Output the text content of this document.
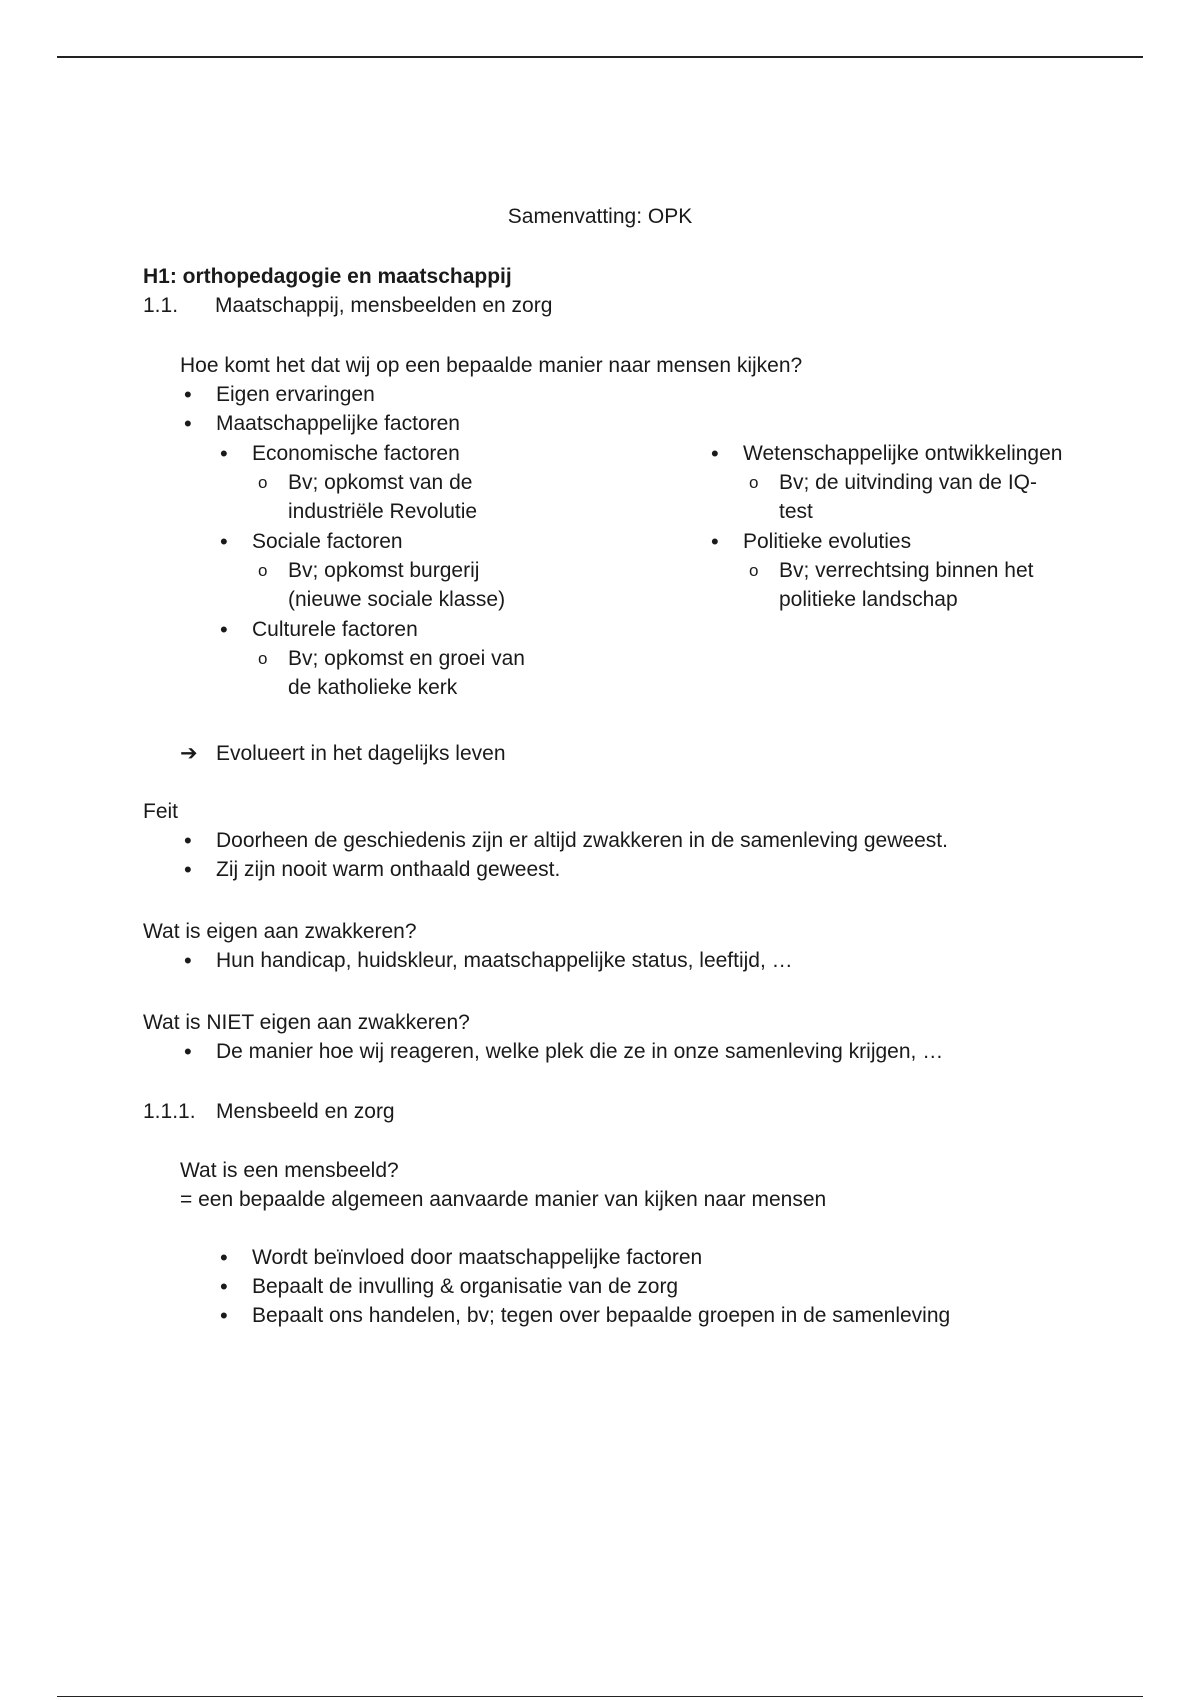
Samenvatting: OPK
H1: orthopedagogie en maatschappij
1.1. Maatschappij, mensbeelden en zorg
Hoe komt het dat wij op een bepaalde manier naar mensen kijken?
• Eigen ervaringen
• Maatschappelijke factoren
• Economische factoren
o Bv; opkomst van de industriële Revolutie
• Sociale factoren
o Bv; opkomst burgerij (nieuwe sociale klasse)
• Culturele factoren
o Bv; opkomst en groei van de katholieke kerk
• Wetenschappelijke ontwikkelingen
o Bv; de uitvinding van de IQ-test
• Politieke evoluties
o Bv; verrechtsing binnen het politieke landschap
➔ Evolueert in het dagelijks leven
Feit
• Doorheen de geschiedenis zijn er altijd zwakkeren in de samenleving geweest.
• Zij zijn nooit warm onthaald geweest.
Wat is eigen aan zwakkeren?
• Hun handicap, huidskleur, maatschappelijke status, leeftijd, …
Wat is NIET eigen aan zwakkeren?
• De manier hoe wij reageren, welke plek die ze in onze samenleving krijgen, …
1.1.1. Mensbeeld en zorg
Wat is een mensbeeld?
= een bepaalde algemeen aanvaarde manier van kijken naar mensen
• Wordt beïnvloed door maatschappelijke factoren
• Bepaalt de invulling & organisatie van de zorg
• Bepaalt ons handelen, bv; tegen over bepaalde groepen in de samenleving
